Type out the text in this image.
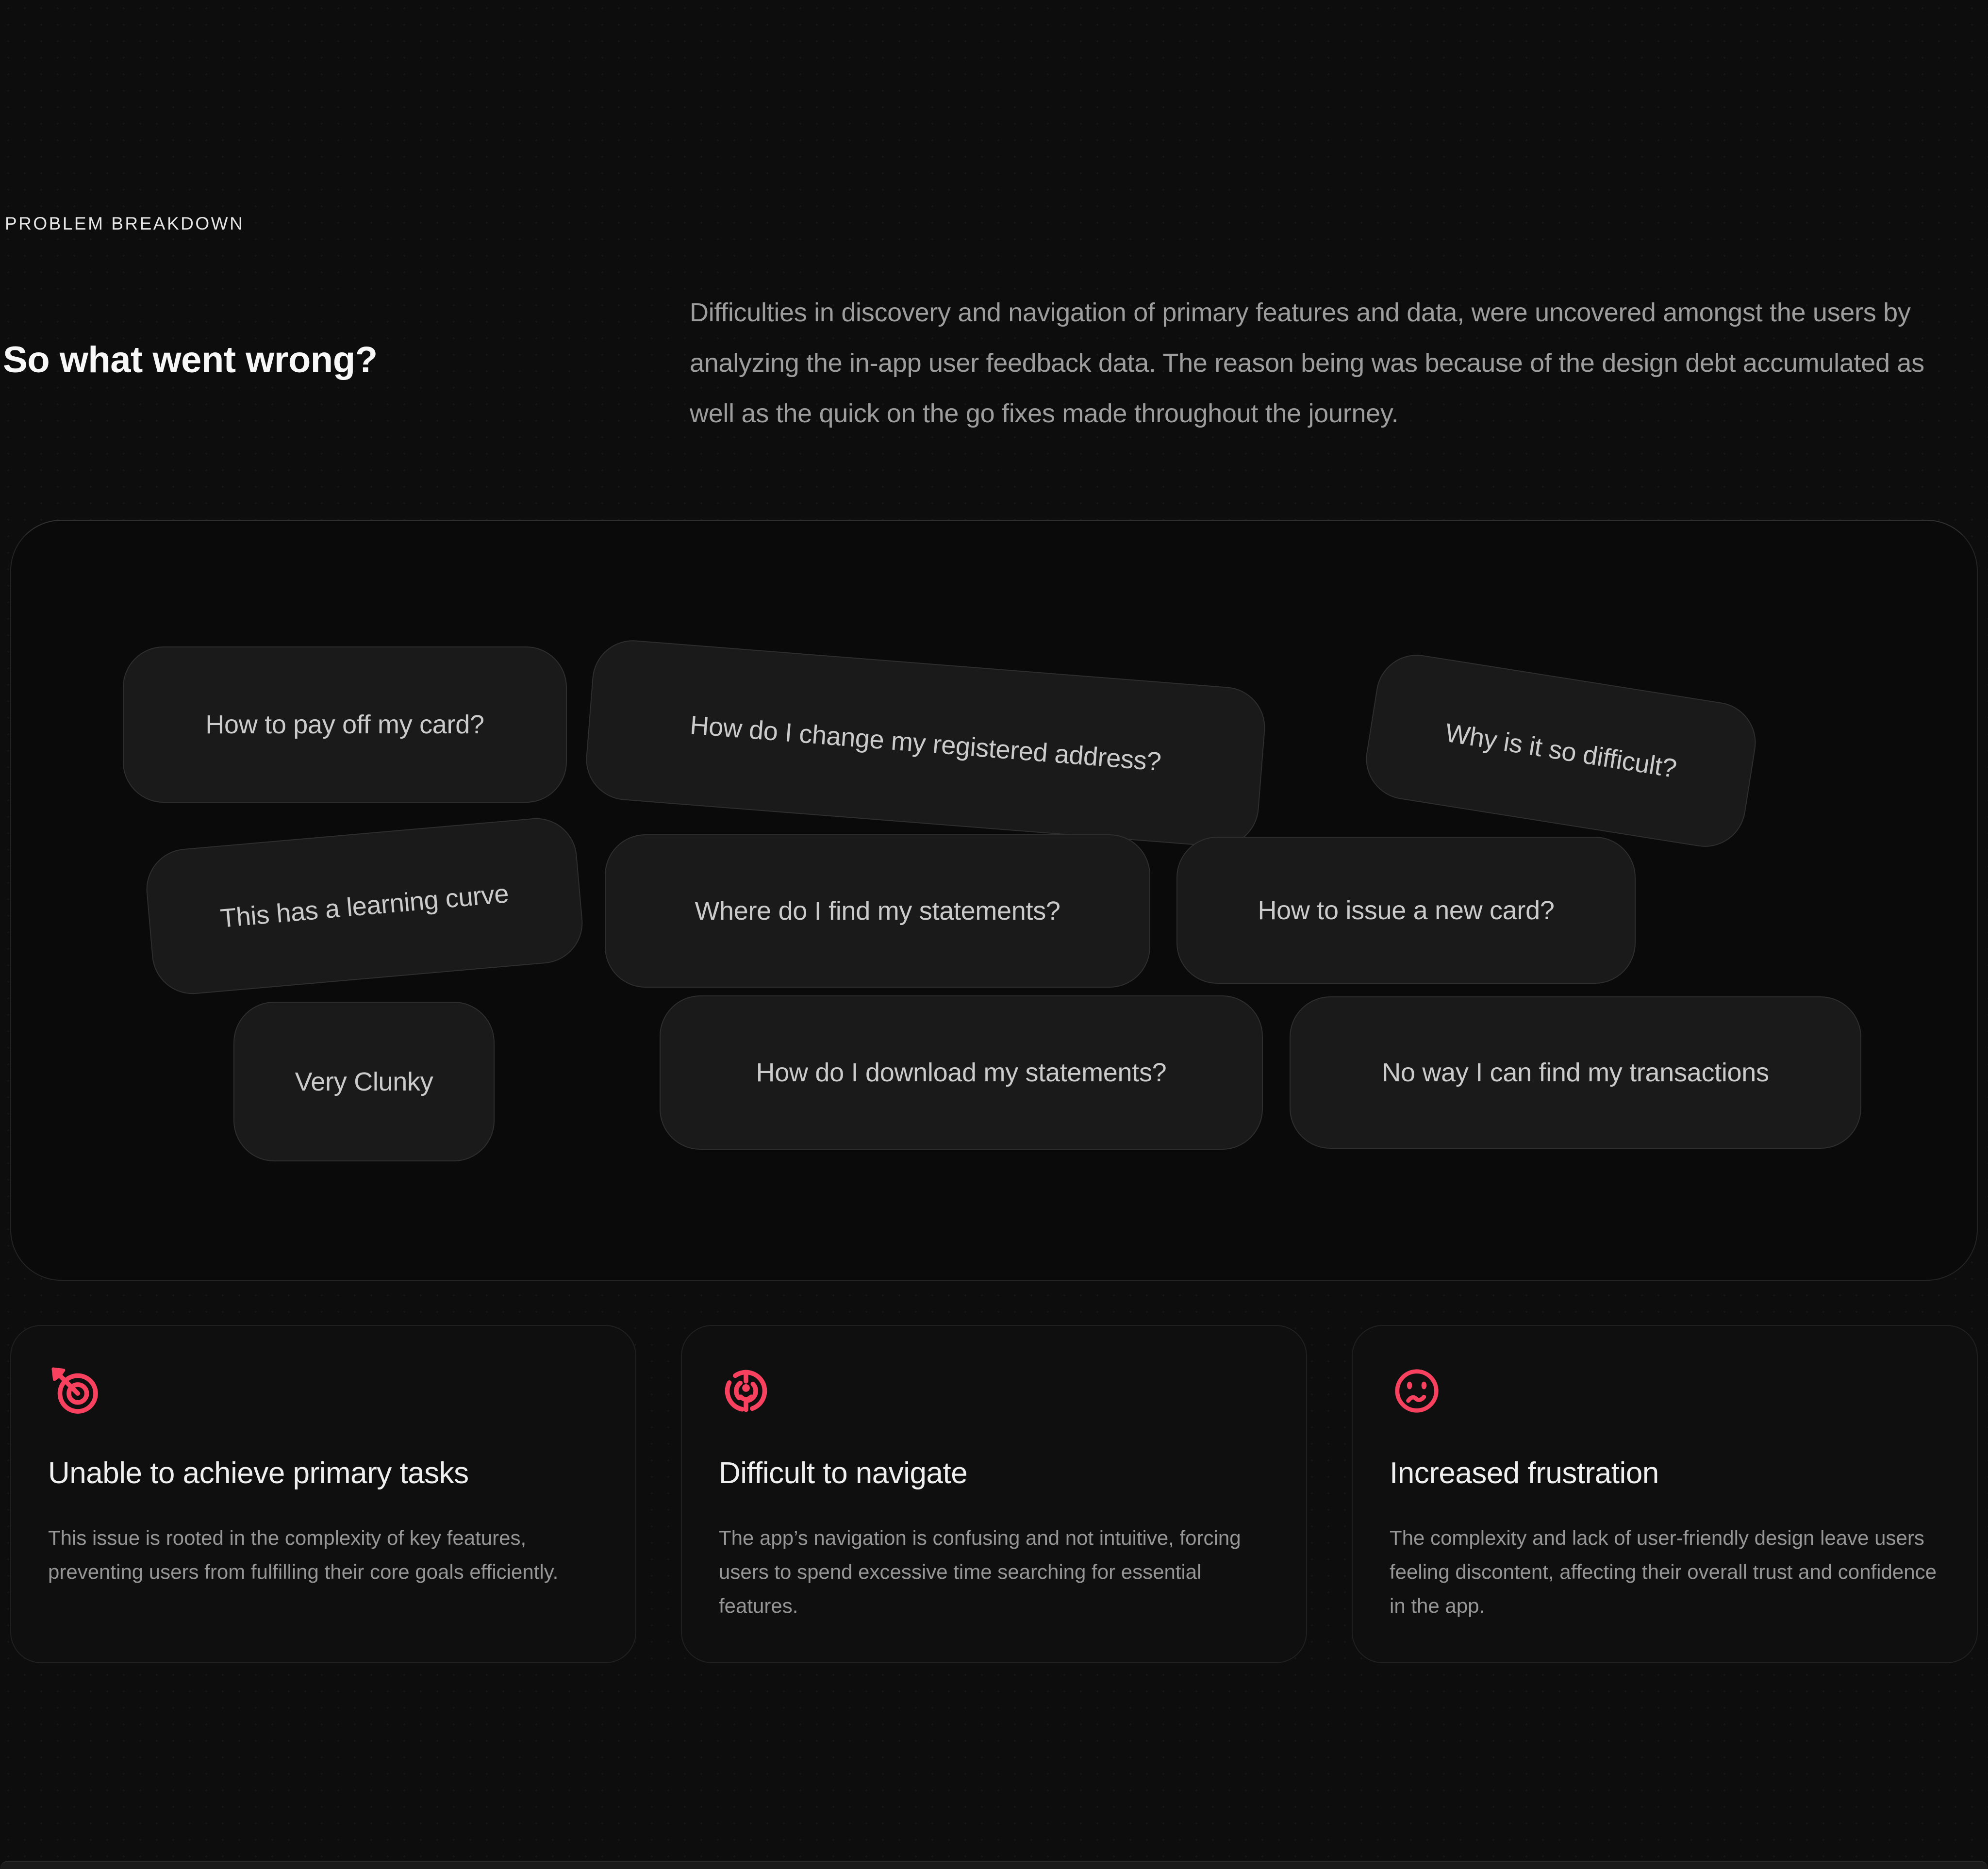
PROBLEM BREAKDOWN
So what went wrong?

Difficulties in discovery and navigation of primary features and data, were uncovered amongst the users by analyzing the in-app user feedback data. The reason being was because of the design debt accumulated as well as the quick on the go fixes made throughout the journey.

How to pay off my card?	How do I change my registered address?	Why is it so difficult?
This has a learning curve	Where do I find my statements?	How to issue a new card?
Very Clunky	How do I download my statements?	No way I can find my transactions
Unable to achieve primary tasks

This issue is rooted in the complexity of key features, preventing users from fulfilling their core goals efficiently.

Difficult to navigate

The app’s navigation is confusing and not intuitive, forcing users to spend excessive time searching for essential features.

Increased frustration

The complexity and lack of user-friendly design leave users feeling discontent, affecting their overall trust and confidence in the app.
